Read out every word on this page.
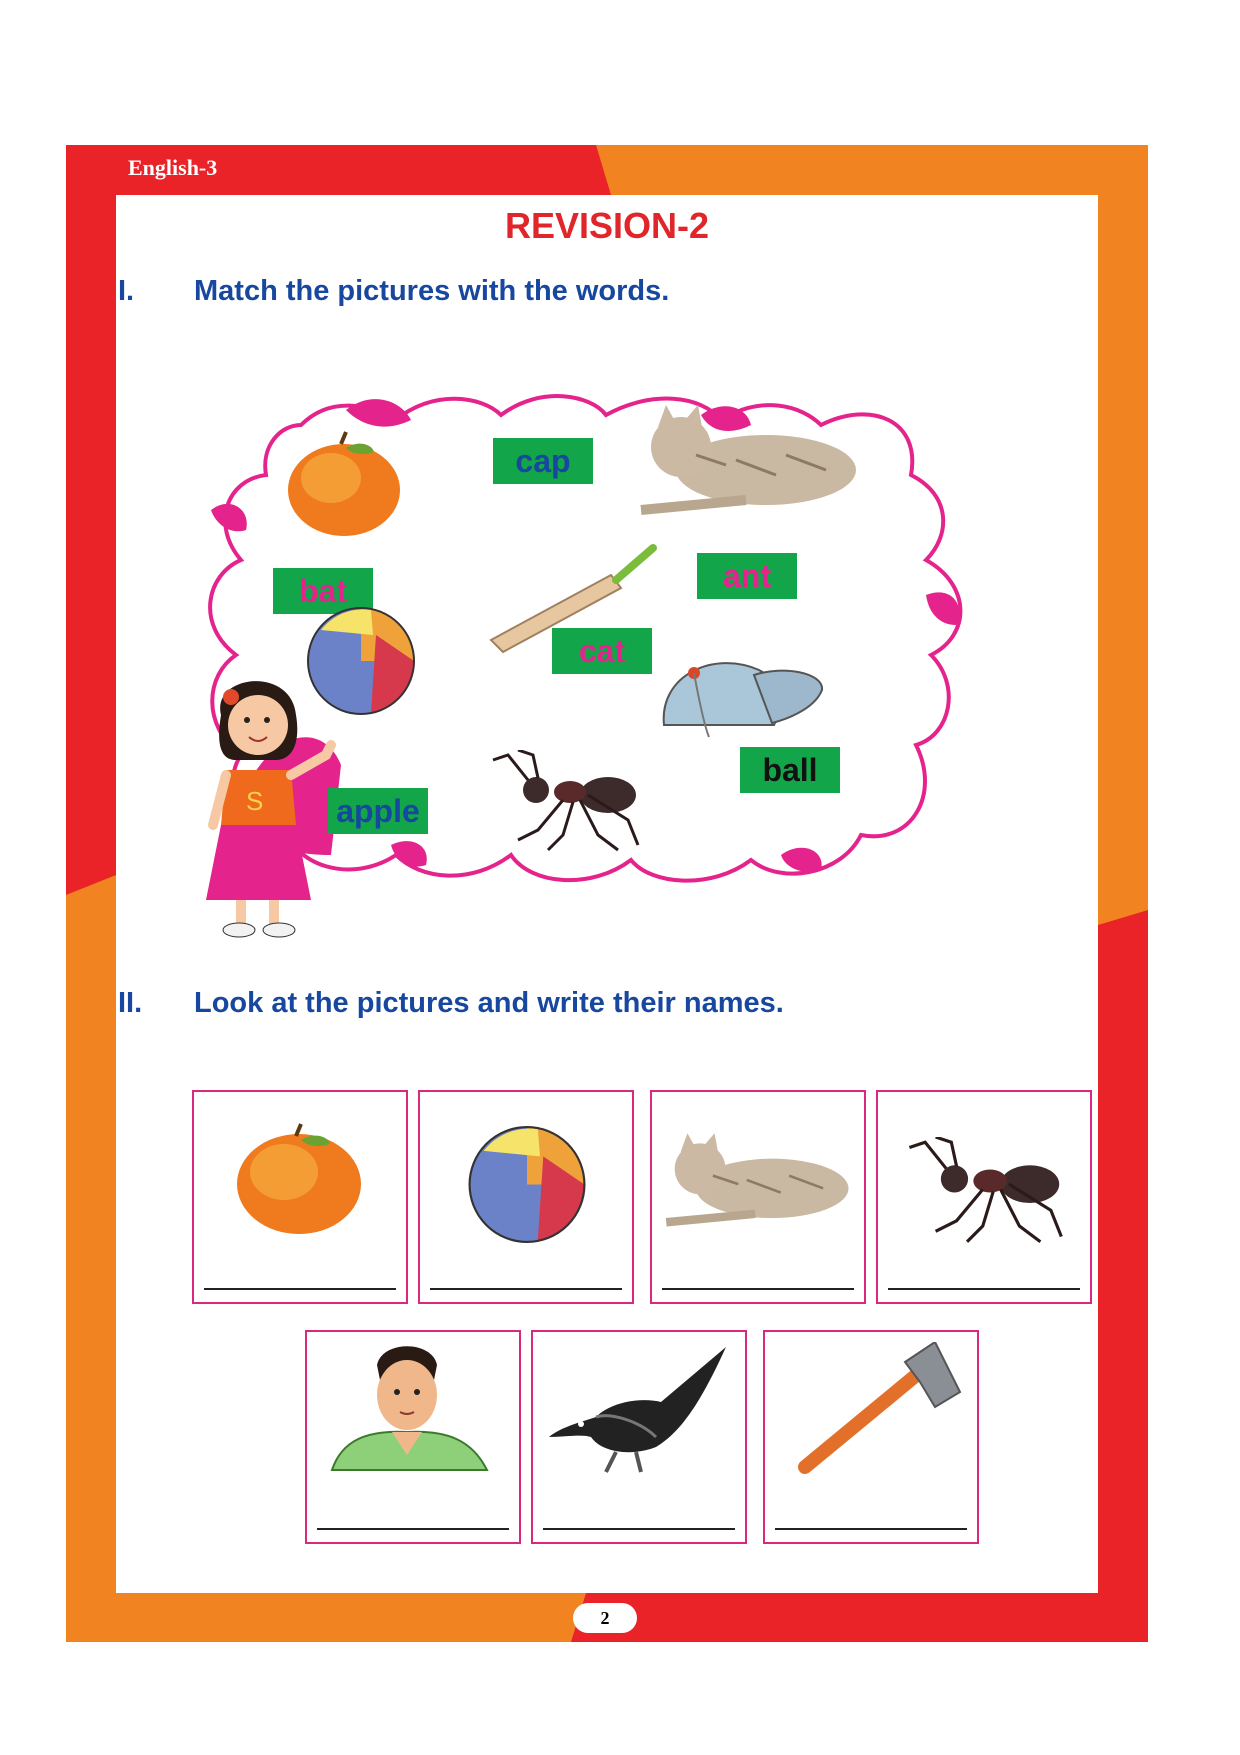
English-3
REVISION-2
I. Match the pictures with the words.
cap
bat	ant
cat
apple
ball
S
II. Look at the pictures and write their names.
2
